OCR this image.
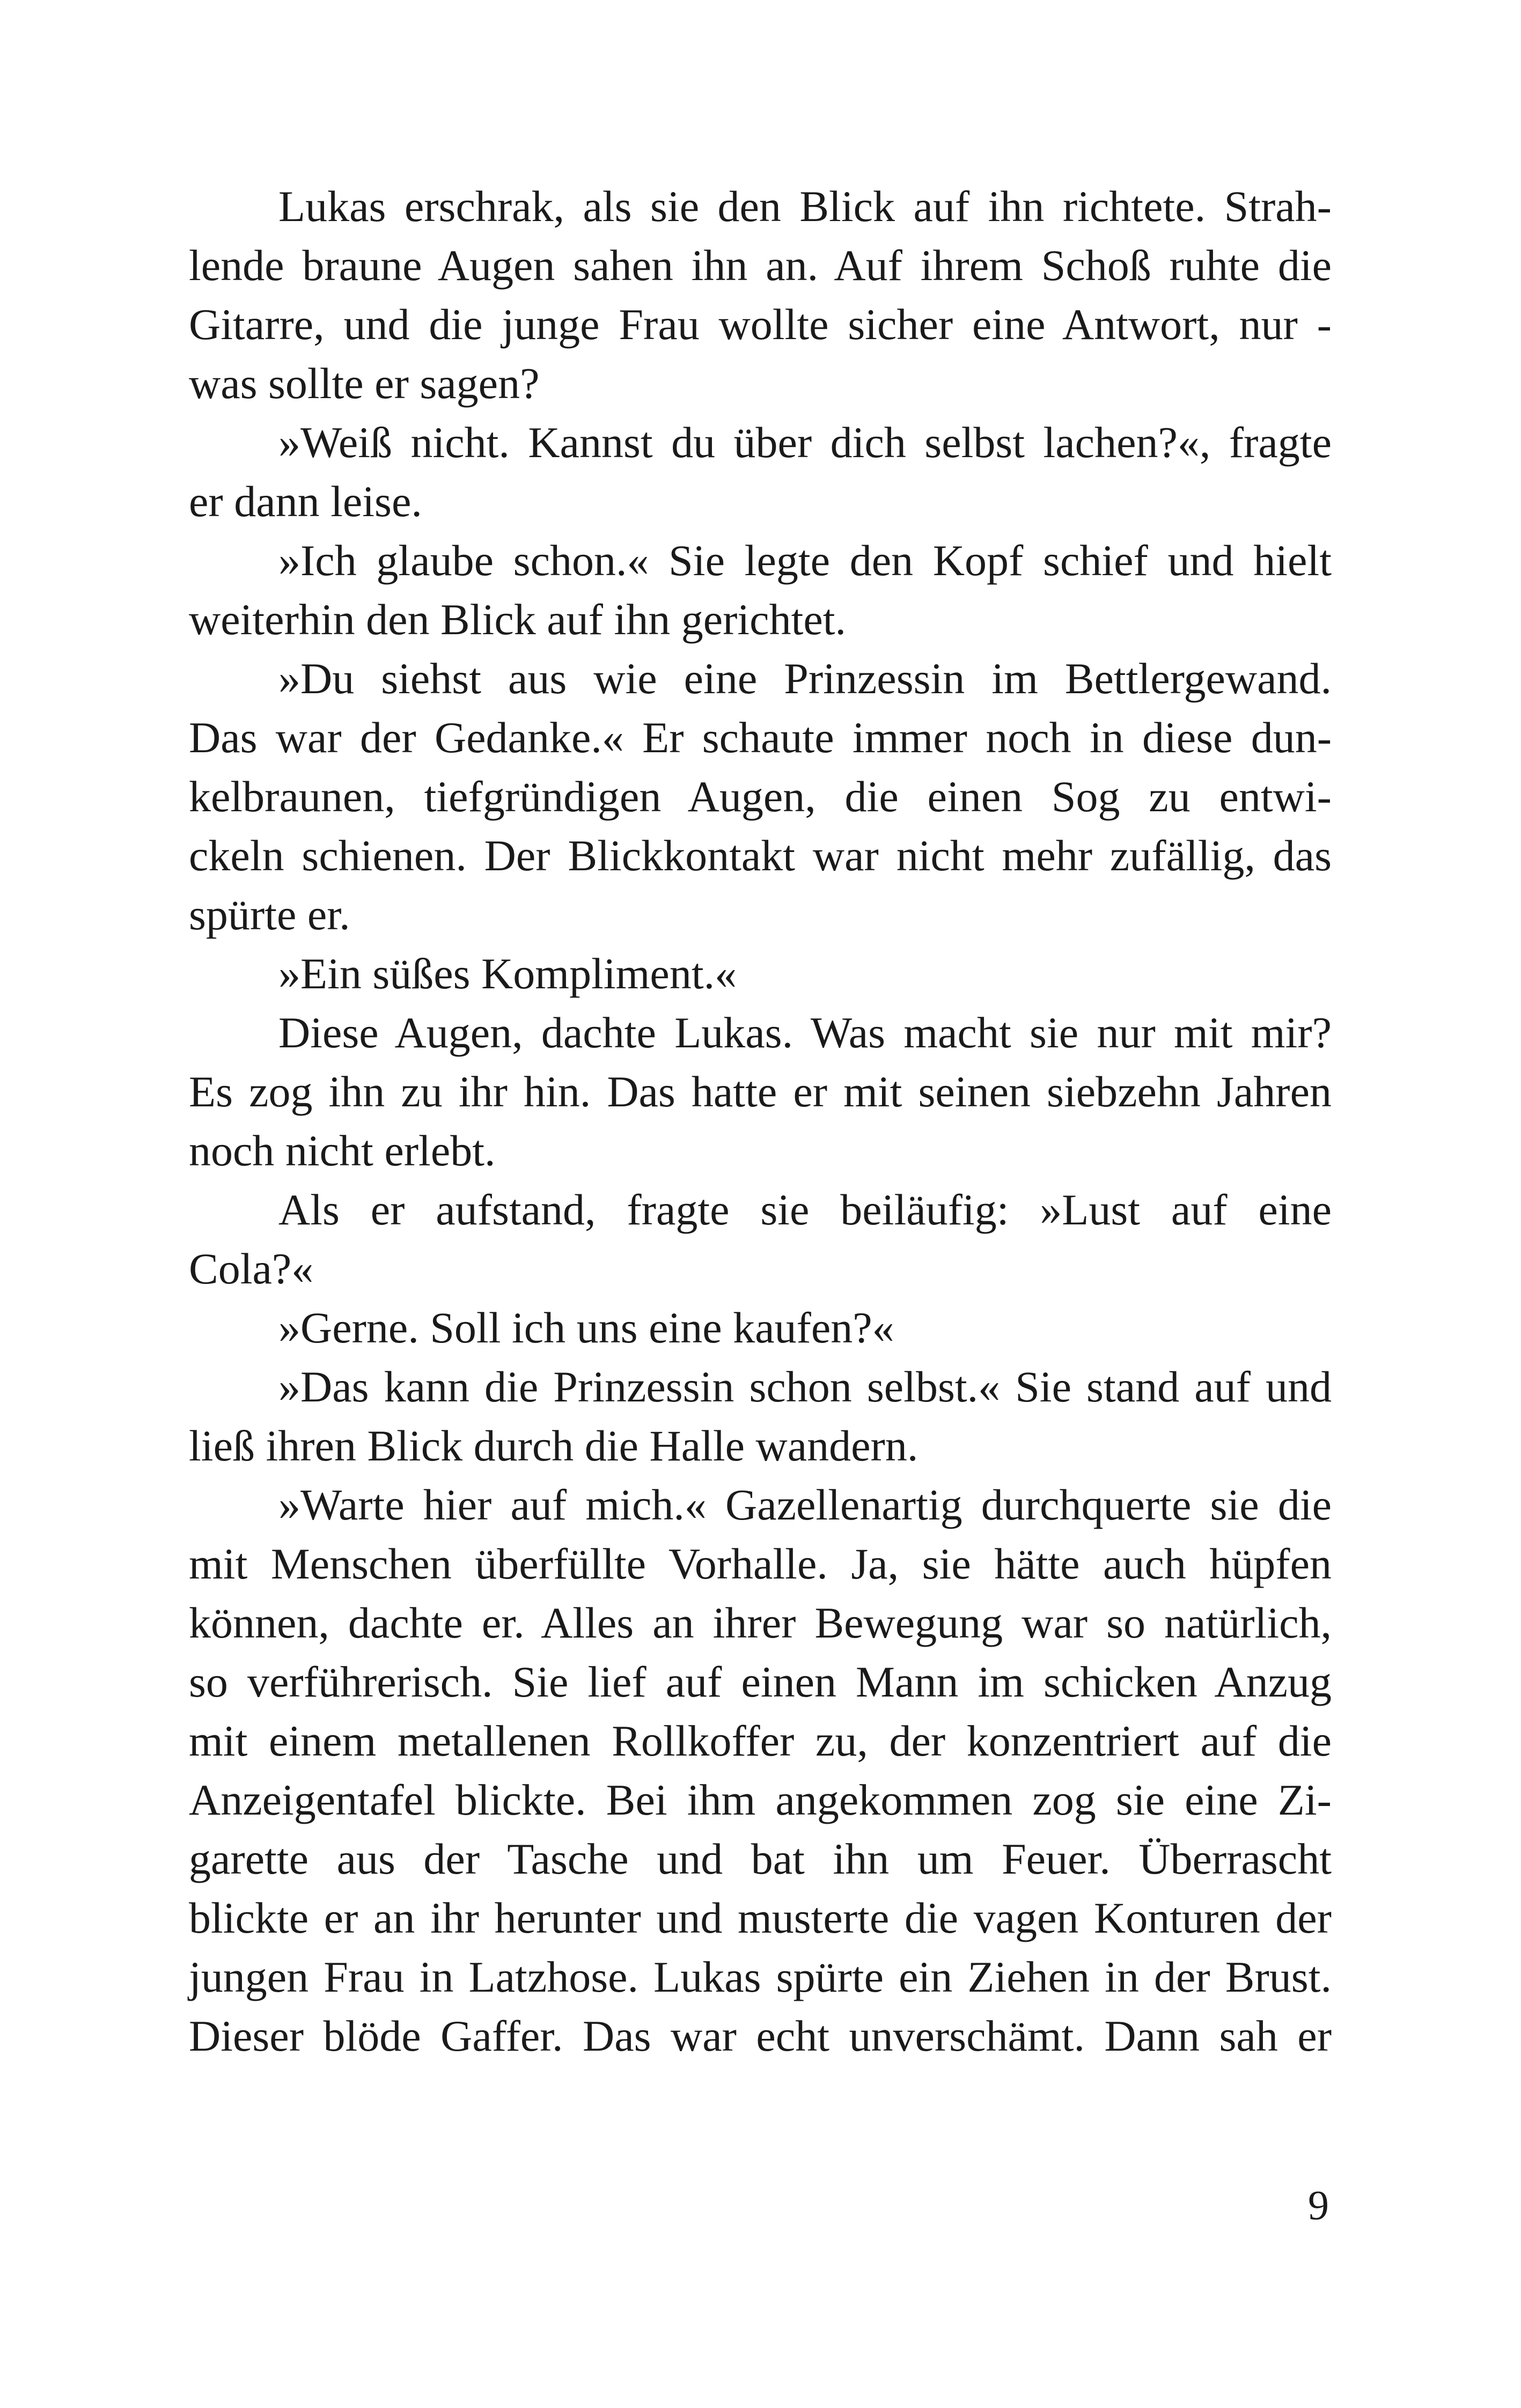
Lukas erschrak, als sie den Blick auf ihn richtete. Strah-
lende braune Augen sahen ihn an. Auf ihrem Schoß ruhte die
Gitarre, und die junge Frau wollte sicher eine Antwort, nur -
was sollte er sagen?
»Weiß nicht. Kannst du über dich selbst lachen?«, fragte
er dann leise.
»Ich glaube schon.« Sie legte den Kopf schief und hielt
weiterhin den Blick auf ihn gerichtet.
»Du siehst aus wie eine Prinzessin im Bettlergewand.
Das war der Gedanke.« Er schaute immer noch in diese dun-
kelbraunen, tiefgründigen Augen, die einen Sog zu entwi-
ckeln schienen. Der Blickkontakt war nicht mehr zufällig, das
spürte er.
»Ein süßes Kompliment.«
Diese Augen, dachte Lukas. Was macht sie nur mit mir?
Es zog ihn zu ihr hin. Das hatte er mit seinen siebzehn Jahren
noch nicht erlebt.
Als er aufstand, fragte sie beiläufig: »Lust auf eine
Cola?«
»Gerne. Soll ich uns eine kaufen?«
»Das kann die Prinzessin schon selbst.« Sie stand auf und
ließ ihren Blick durch die Halle wandern.
»Warte hier auf mich.« Gazellenartig durchquerte sie die
mit Menschen überfüllte Vorhalle. Ja, sie hätte auch hüpfen
können, dachte er. Alles an ihrer Bewegung war so natürlich,
so verführerisch. Sie lief auf einen Mann im schicken Anzug
mit einem metallenen Rollkoffer zu, der konzentriert auf die
Anzeigentafel blickte. Bei ihm angekommen zog sie eine Zi-
garette aus der Tasche und bat ihn um Feuer. Überrascht
blickte er an ihr herunter und musterte die vagen Konturen der
jungen Frau in Latzhose. Lukas spürte ein Ziehen in der Brust.
Dieser blöde Gaffer. Das war echt unverschämt. Dann sah er
9
